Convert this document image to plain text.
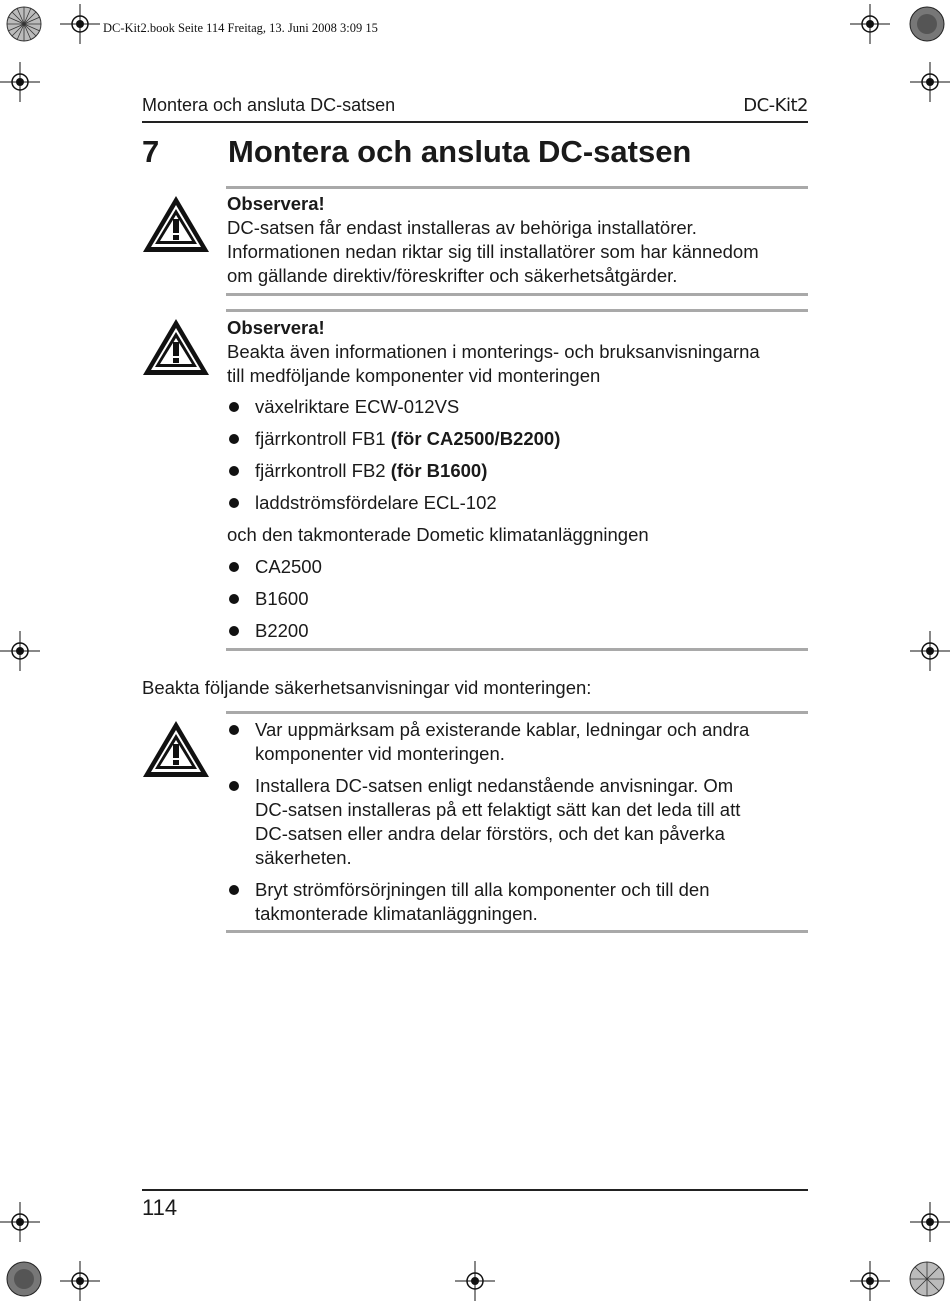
DC-Kit2.book Seite 114 Freitag, 13. Juni 2008 3:09 15
Montera och ansluta DC-satsen	DC-Kit2
7 Montera och ansluta DC-satsen
Observera!
DC-satsen får endast installeras av behöriga installatörer.
Informationen nedan riktar sig till installatörer som har kännedom
om gällande direktiv/föreskrifter och säkerhetsåtgärder.
Observera!
Beakta även informationen i monterings- och bruksanvisningarna
till medföljande komponenter vid monteringen
växelriktare ECW-012VS
fjärrkontroll FB1 (för CA2500/B2200)
fjärrkontroll FB2 (för B1600)
laddströmsfördelare ECL-102
och den takmonterade Dometic klimatanläggningen
CA2500
B1600
B2200
Beakta följande säkerhetsanvisningar vid monteringen:
Var uppmärksam på existerande kablar, ledningar och andra
komponenter vid monteringen.
Installera DC-satsen enligt nedanstående anvisningar. Om
DC-satsen installeras på ett felaktigt sätt kan det leda till att
DC-satsen eller andra delar förstörs, och det kan påverka
säkerheten.
Bryt strömförsörjningen till alla komponenter och till den
takmonterade klimatanläggningen.
114
